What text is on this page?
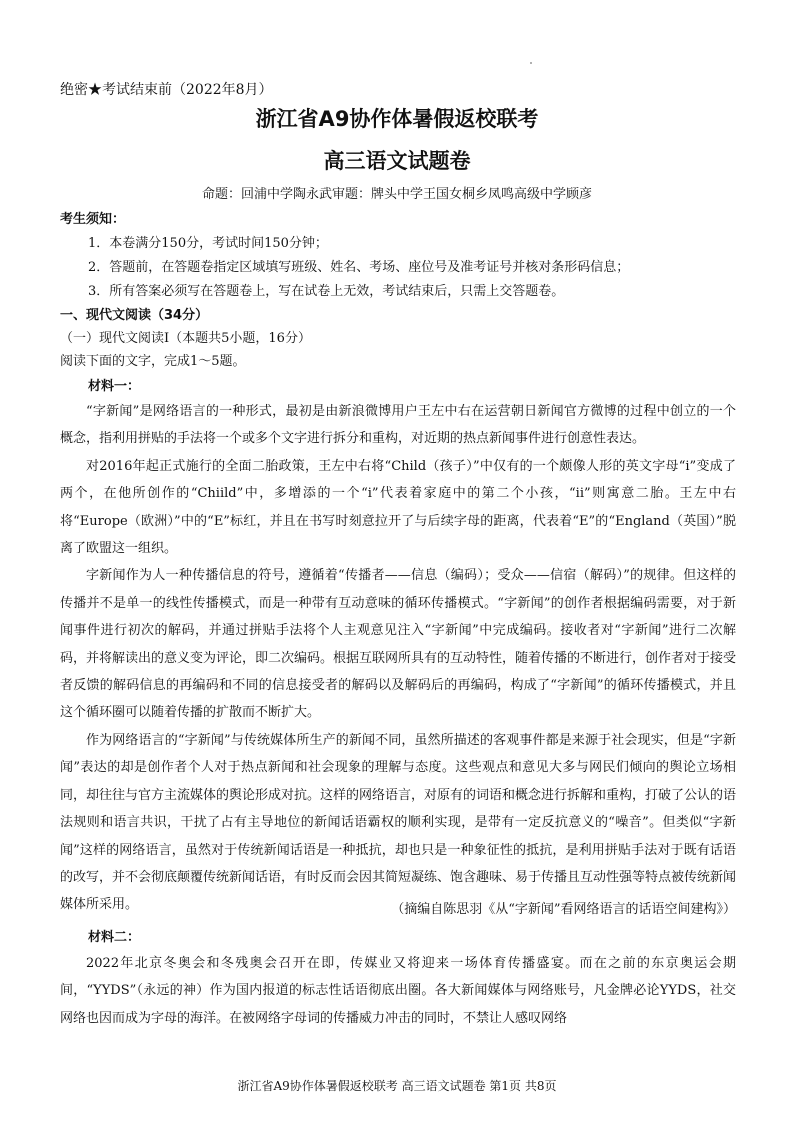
绝密★考试结束前（2022年8月）
浙江省A9协作体暑假返校联考
高三语文试题卷
命题：回浦中学陶永武审题：牌头中学王国女桐乡凤鸣高级中学顾彦
考生须知：
1．本卷满分150分，考试时间150分钟；
2．答题前，在答题卷指定区域填写班级、姓名、考场、座位号及准考证号并核对条形码信息；
3．所有答案必须写在答题卷上，写在试卷上无效，考试结束后，只需上交答题卷。
一、现代文阅读（34分）
（一）现代文阅读Ⅰ（本题共5小题，16分）
阅读下面的文字，完成1～5题。
材料一：

“字新闻”是网络语言的一种形式，最初是由新浪微博用户王左中右在运营朝日新闻官方微博的过程中创立的一个概念，指利用拼贴的手法将一个或多个文字进行拆分和重构，对近期的热点新闻事件进行创意性表达。

对2016年起正式施行的全面二胎政策，王左中右将“Child（孩子）”中仅有的一个颇像人形的英文字母“i”变成了两个，在他所创作的“Chiild”中，多增添的一个“i”代表着家庭中的第二个小孩，“ii”则寓意二胎。王左中右将“Europe（欧洲）”中的“E”标红，并且在书写时刻意拉开了与后续字母的距离，代表着“E”的“England（英国）”脱离了欧盟这一组织。

字新闻作为人一种传播信息的符号，遵循着“传播者——信息（编码）；受众——信宿（解码）”的规律。但这样的传播并不是单一的线性传播模式，而是一种带有互动意味的循环传播模式。“字新闻”的创作者根据编码需要，对于新闻事件进行初次的解码，并通过拼贴手法将个人主观意见注入“字新闻”中完成编码。接收者对“字新闻”进行二次解码，并将解读出的意义变为评论，即二次编码。根据互联网所具有的互动特性，随着传播的不断进行，创作者对于接受者反馈的解码信息的再编码和不同的信息接受者的解码以及解码后的再编码，构成了“字新闻”的循环传播模式，并且这个循环圈可以随着传播的扩散而不断扩大。

作为网络语言的“字新闻”与传统媒体所生产的新闻不同，虽然所描述的客观事件都是来源于社会现实，但是“字新闻”表达的却是创作者个人对于热点新闻和社会现象的理解与态度。这些观点和意见大多与网民们倾向的舆论立场相同，却往往与官方主流媒体的舆论形成对抗。这样的网络语言，对原有的词语和概念进行拆解和重构，打破了公认的语法规则和语言共识，干扰了占有主导地位的新闻话语霸权的顺利实现，是带有一定反抗意义的“噪音”。但类似“字新闻”这样的网络语言，虽然对于传统新闻话语是一种抵抗，却也只是一种象征性的抵抗，是利用拼贴手法对于既有话语的改写，并不会彻底颠覆传统新闻话语，有时反而会因其简短凝练、饱含趣味、易于传播且互动性强等特点被传统新闻媒体所采用。	（摘编自陈思羽《从“字新闻”看网络语言的话语空间建构》）
材料二：

2022年北京冬奥会和冬残奥会召开在即，传媒业又将迎来一场体育传播盛宴。而在之前的东京奥运会期间，“YYDS”（永远的神）作为国内报道的标志性话语彻底出圈。各大新闻媒体与网络账号，凡金牌必论YYDS，社交网络也因而成为字母的海洋。在被网络字母词的传播威力冲击的同时，不禁让人感叹网络

浙江省A9协作体暑假返校联考 高三语文试题卷 第1页 共8页
